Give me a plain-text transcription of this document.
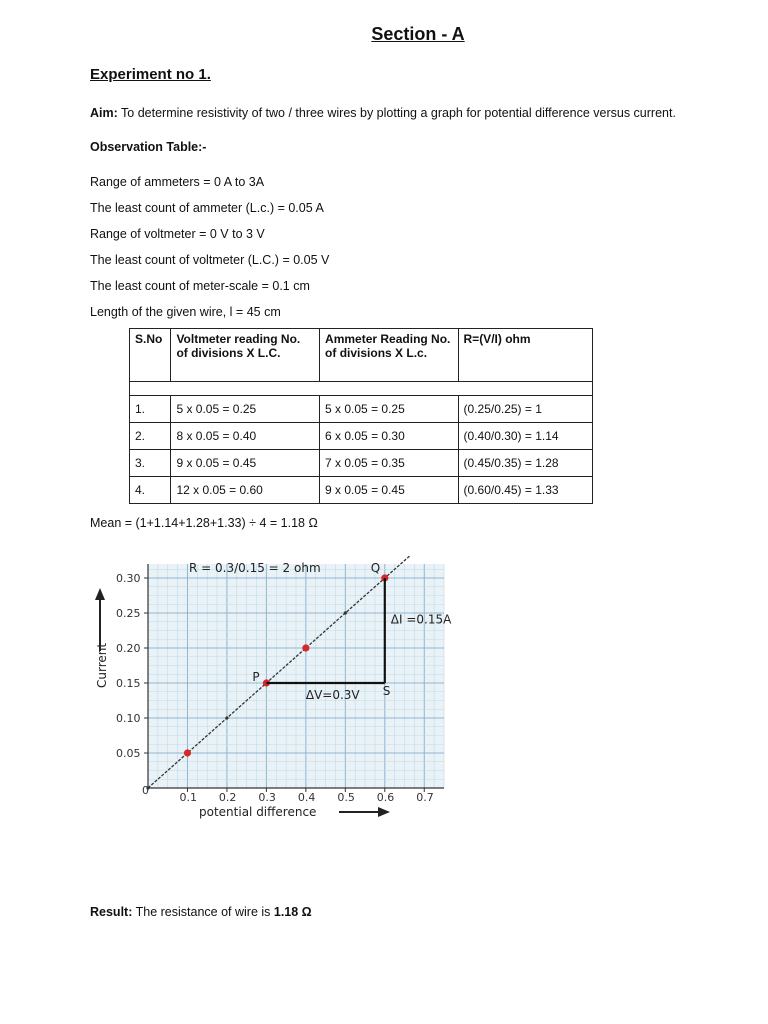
Section - A
Experiment no 1.
Aim: To determine resistivity of two / three wires by plotting a graph for potential difference versus current.
Observation Table:-
Range of ammeters = 0 A to 3A
The least count of ammeter (L.c.) = 0.05 A
Range of voltmeter = 0 V to 3 V
The least count of voltmeter (L.C.) = 0.05 V
The least count of meter-scale = 0.1 cm
Length of the given wire, l = 45 cm
S.No	Voltmeter reading No. of divisions X L.C.	Ammeter Reading No. of divisions X L.c.	R=(V/I) ohm

1.	5 x 0.05 = 0.25	5 x 0.05 = 0.25	(0.25/0.25) = 1
2.	8 x 0.05 = 0.40	6 x 0.05 = 0.30	(0.40/0.30) = 1.14
3.	9 x 0.05 = 0.45	7 x 0.05 = 0.35	(0.45/0.35) = 1.28
4.	12 x 0.05 = 0.60	9 x 0.05 = 0.45	(0.60/0.45) = 1.33
Mean = (1+1.14+1.28+1.33) ÷ 4 = 1.18 Ω
0.1 0.2 0.3 0.4 0.5 0.6 0.7
0.05
0.10
0.15
0.20
0.25
0.30
P
Q
S
ΔI =0.15A
ΔV=0.3V
R = 0.3/0.15 = 2 ohm
potential difference
Current
0
Result: The resistance of wire is 1.18 Ω
